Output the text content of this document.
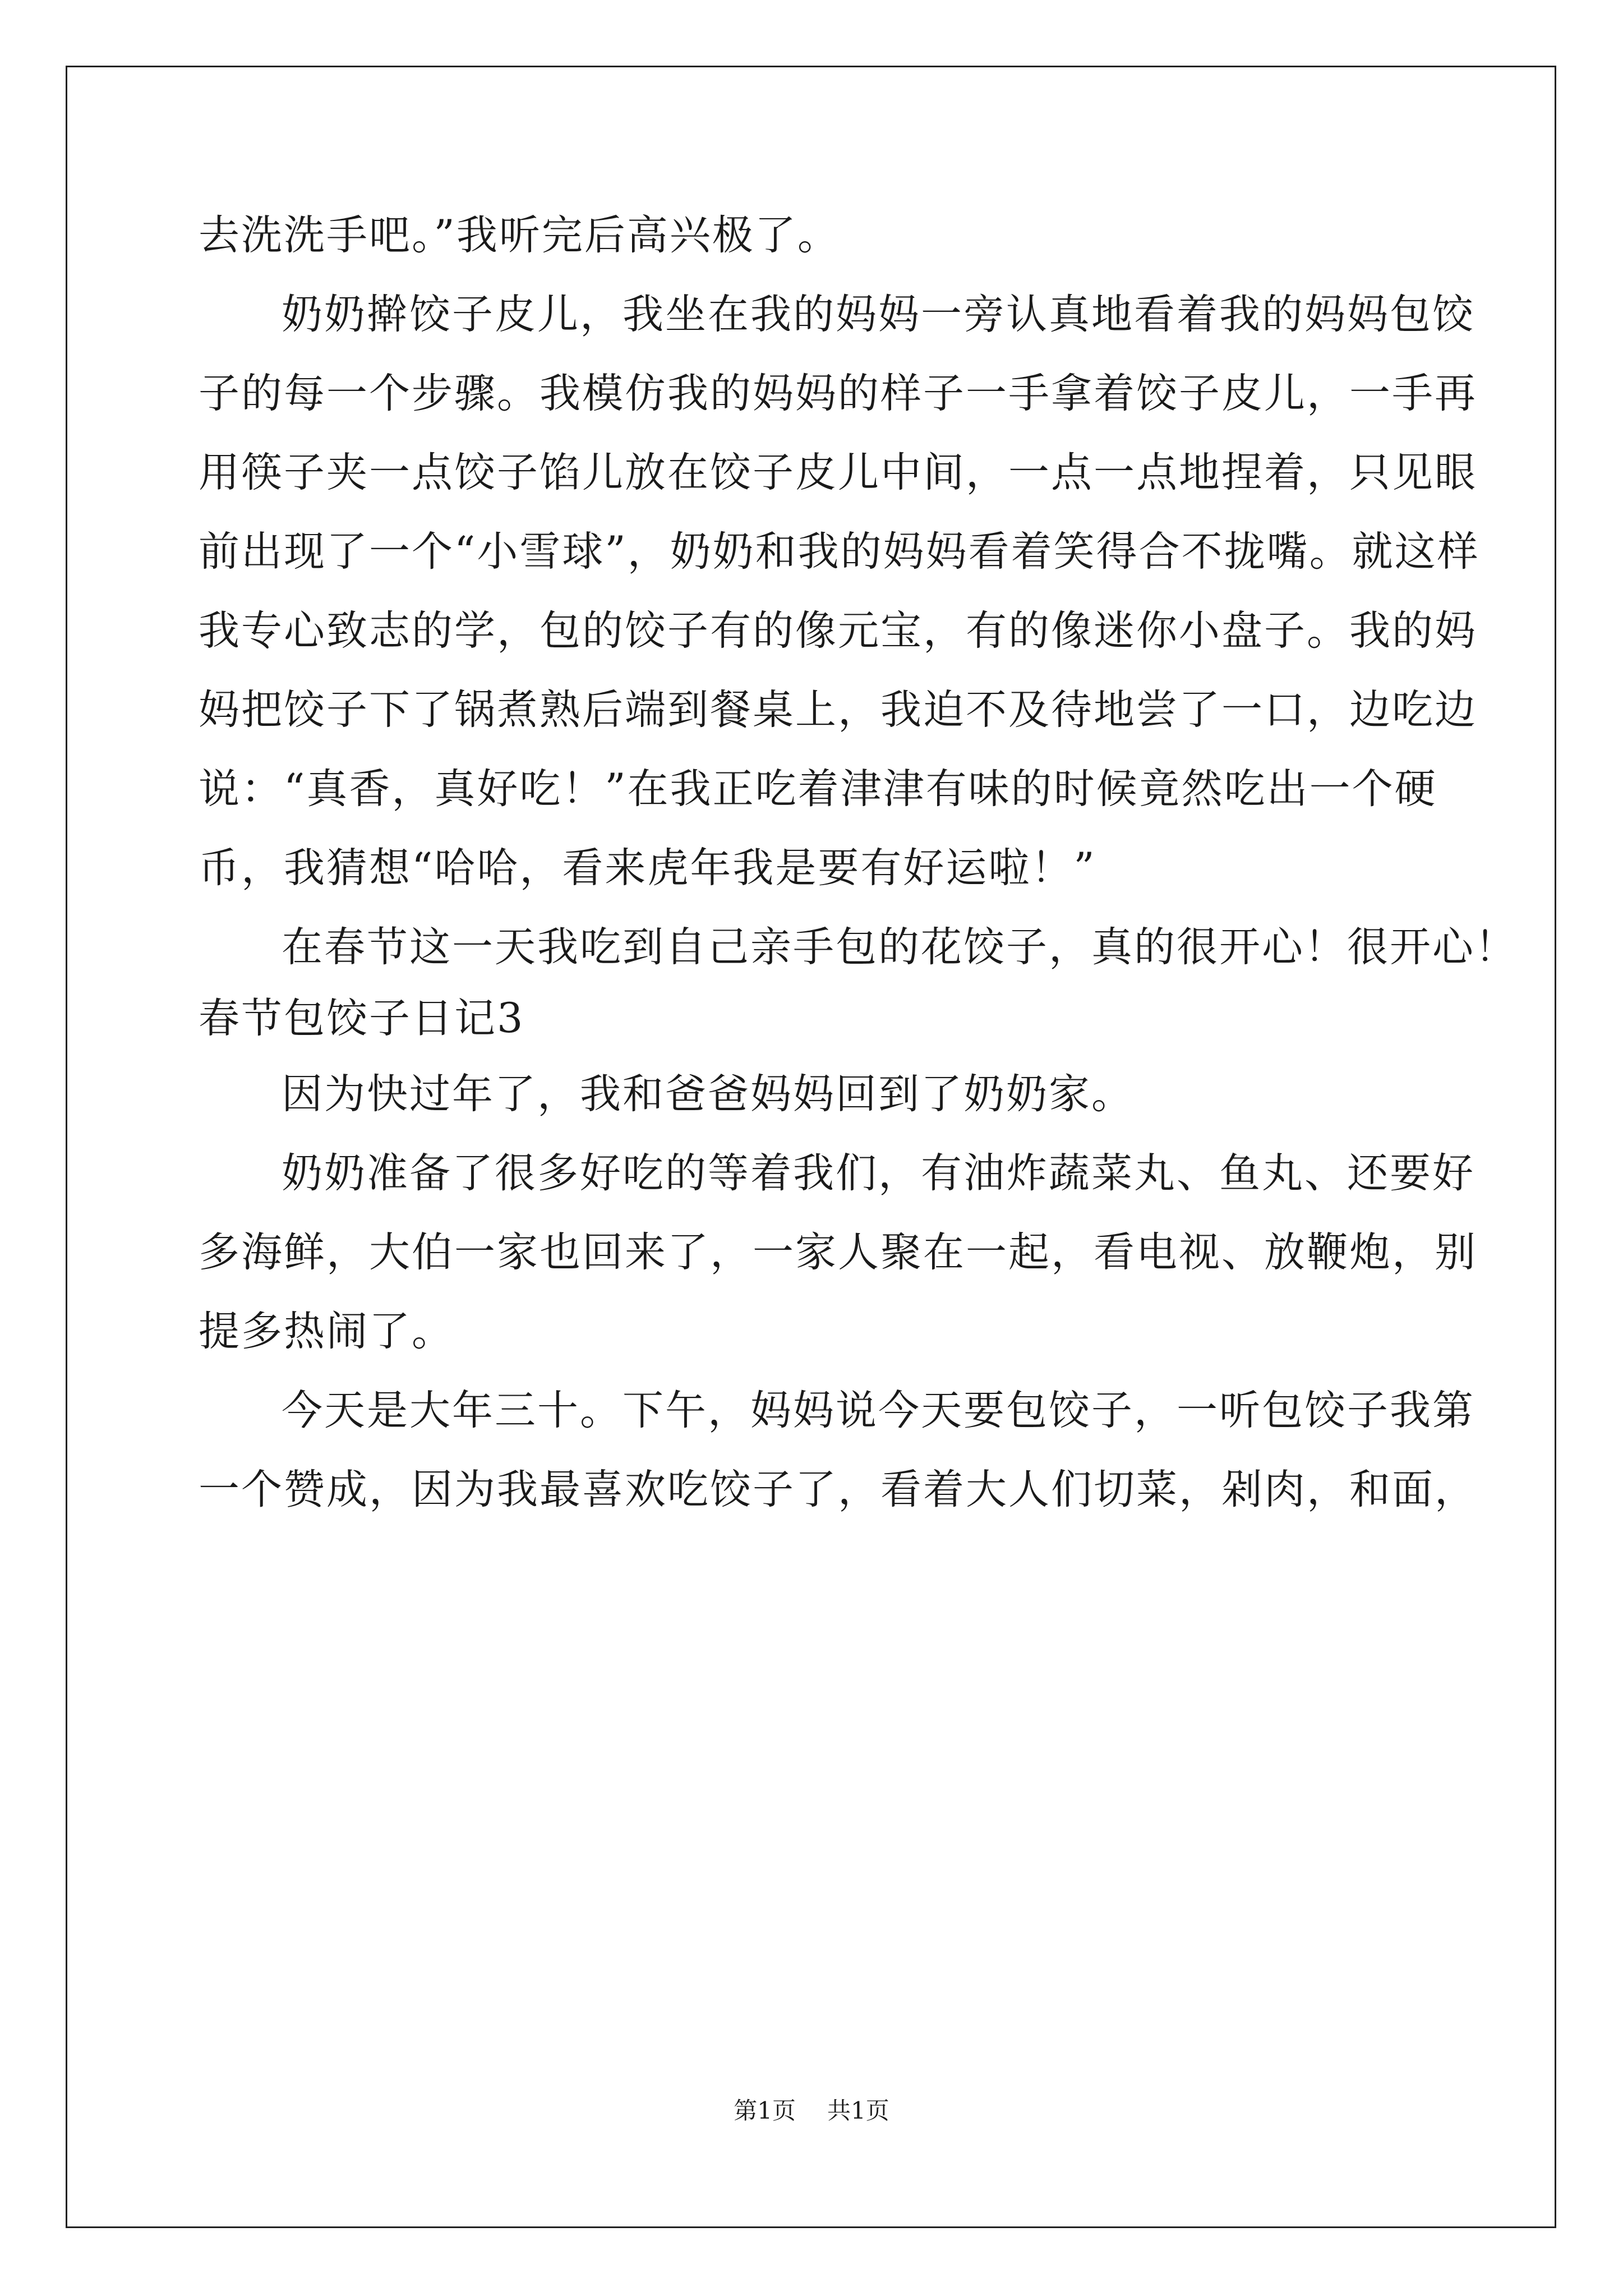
去洗洗手吧。”我听完后高兴极了。
奶奶擀饺子皮儿，我坐在我的妈妈一旁认真地看着我的妈妈包饺
子的每一个步骤。我模仿我的妈妈的样子一手拿着饺子皮儿，一手再
用筷子夹一点饺子馅儿放在饺子皮儿中间，一点一点地捏着，只见眼
前出现了一个“小雪球”，奶奶和我的妈妈看着笑得合不拢嘴。就这样
我专心致志的学，包的饺子有的像元宝，有的像迷你小盘子。我的妈
妈把饺子下了锅煮熟后端到餐桌上，我迫不及待地尝了一口，边吃边
说：“真香，真好吃！”在我正吃着津津有味的时候竟然吃出一个硬
币，我猜想“哈哈，看来虎年我是要有好运啦！”
在春节这一天我吃到自己亲手包的花饺子，真的很开心！很开心！
春节包饺子日记3
因为快过年了，我和爸爸妈妈回到了奶奶家。
奶奶准备了很多好吃的等着我们，有油炸蔬菜丸、鱼丸、还要好
多海鲜，大伯一家也回来了，一家人聚在一起，看电视、放鞭炮，别
提多热闹了。
今天是大年三十。下午，妈妈说今天要包饺子，一听包饺子我第
一个赞成，因为我最喜欢吃饺子了，看着大人们切菜，剁肉，和面，
第1页 共1页
